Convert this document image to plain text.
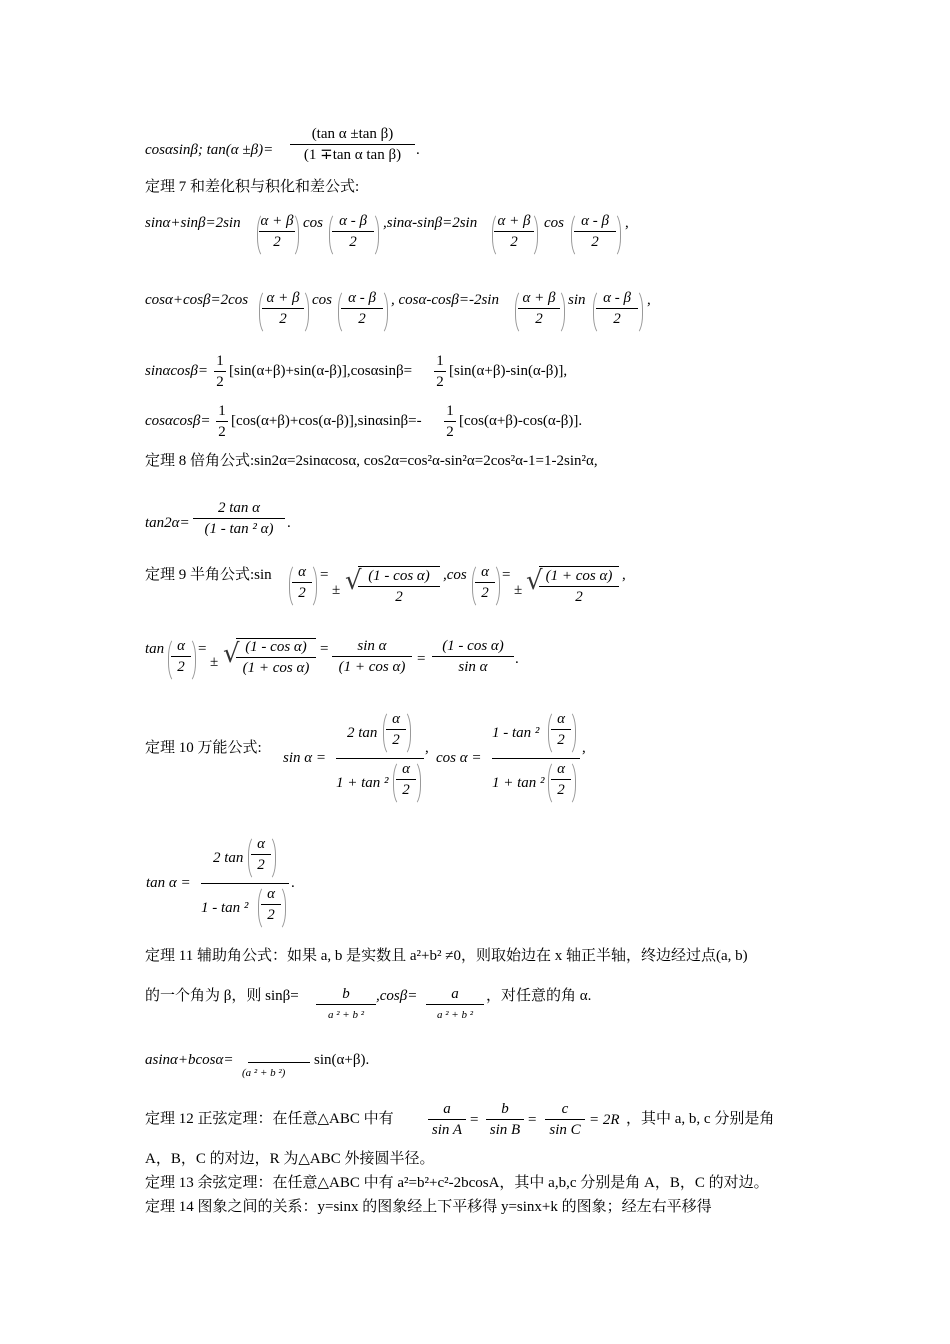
cosαsinβ; tan(α ±β)=
(tan α ±tan β)
(1 ∓tan α tan β) .
定理 7 和差化积与积化和差公式:
sinα+sinβ=2sin α + β
2
cos	α - β
2
,sinα-sinβ=2sin α + β
2
cos	α - β
2
,
cosα+cosβ=2cos	α + β
2
cos	α - β
2
, cosα-cosβ=-2sin	α + β
2
sin	α - β
2
,
sinαcosβ=
1
2
[sin(α+β)+sin(α-β)],cosαsinβ=
1
2
[sin(α+β)-sin(α-β)],
cosαcosβ=
1
2
[cos(α+β)+cos(α-β)],sinαsinβ=-
1
2
[cos(α+β)-cos(α-β)].
定理 8 倍角公式:sin2α=2sinαcosα, cos2α=cos²α-sin²α=2cos²α-1=1-2sin²α,
tan2α=
2 tan α
(1 - tan ² α) .
定理 9 半角公式:sin	α
2
=
± √ (1 - cos α)
2
,cos α
2
=
± √ (1 + cos α)
2
,
tan α
2
=
± √ (1 - cos α)
(1 + cos α)
=	sin α
(1 + cos α) =
(1 - cos α)
sin α	.
定理 10 万能公式:
sin α =
2 tan
α
2
1 + tan ²
α
2
,
cos α =
1 - tan ²
α
2
1 + tan ²
α
2
,
tan α =
2 tan
α
2
1 - tan ²
α
2
.
定理 11 辅助角公式：如果 a, b 是实数且 a²+b² ≠0，则取始边在 x 轴正半轴，终边经过点(a, b)
的一个角为 β，则 sinβ=	b
a ² + b ²
,cosβ=	a
a ² + b ²
，对任意的角 α.
asinα+bcosα=
(a ² + b ²)
sin(α+β).
定理 12 正弦定理：在任意△ABC 中有
a
sin A
=
b
sin B
=
c
sin C
= 2R ，其中 a, b, c 分别是角
A，B，C 的对边，R 为△ABC 外接圆半径。
定理 13 余弦定理：在任意△ABC 中有 a²=b²+c²-2bcosA，其中 a,b,c 分别是角 A，B，C 的对边。
定理 14 图象之间的关系：y=sinx 的图象经上下平移得 y=sinx+k 的图象；经左右平移得
